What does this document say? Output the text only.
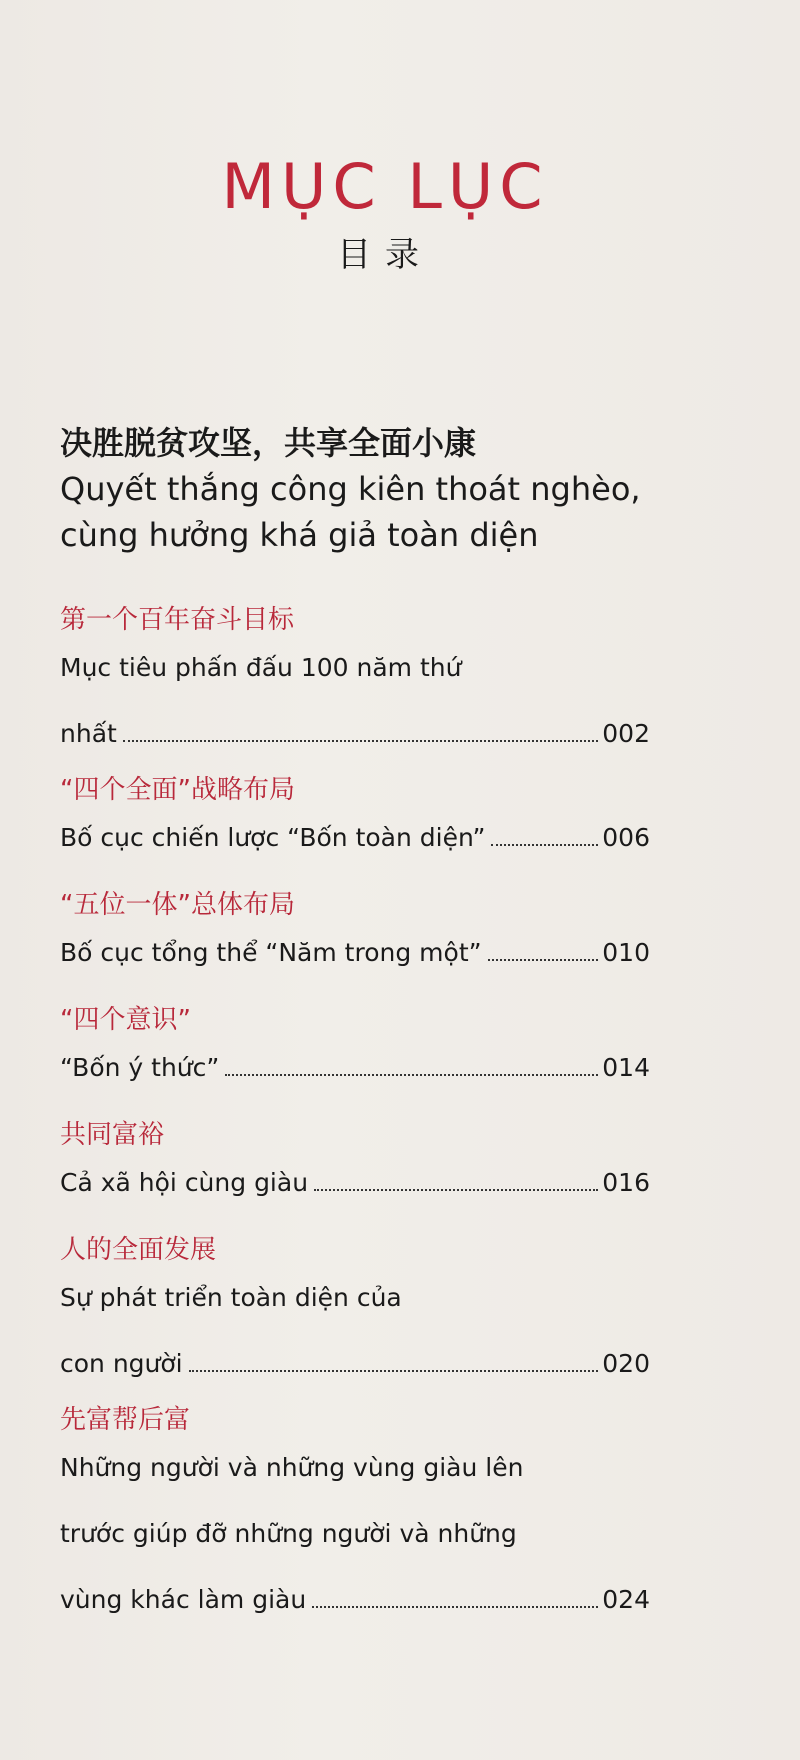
MỤC LỤC
目录
决胜脱贫攻坚，共享全面小康
Quyết thắng công kiên thoát nghèo,
cùng hưởng khá giả toàn diện
第一个百年奋斗目标
Mục tiêu phấn đấu 100 năm thứ
nhất	002
“四个全面”战略布局
Bố cục chiến lược “Bốn toàn diện”	006
“五位一体”总体布局
Bố cục tổng thể “Năm trong một”	010
“四个意识”
“Bốn ý thức”	014
共同富裕
Cả xã hội cùng giàu	016
人的全面发展
Sự phát triển toàn diện của
con người	020
先富帮后富
Những người và những vùng giàu lên
trước giúp đỡ những người và những
vùng khác làm giàu	024
